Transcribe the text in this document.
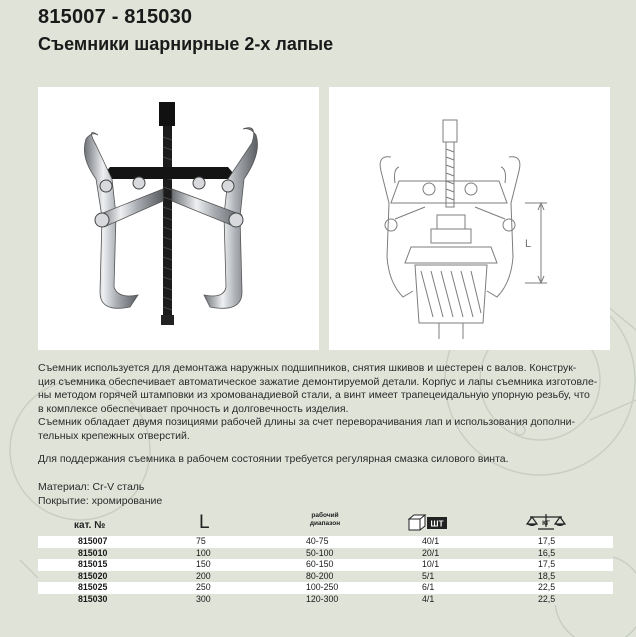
815007 - 815030
Съемники шарнирные 2-х лапые
L

Съемник используется для демонтажа наружных подшипников, снятия шкивов и шестерен с валов. Конструк-

ция съемника обеспечивает автоматическое зажатие демонтируемой детали. Корпус и лапы съемника изготовле-

ны методом горячей штамповки из хромованадиевой стали, а винт имеет трапецеидальную упорную резьбу, что

в комплексе обеспечивает прочность и долговечность изделия.

Съемник обладает двумя позициями рабочей длины за счет переворачивания лап и использования дополни-

тельных крепежных отверстий.

Для поддержания съемника в рабочем состоянии требуется регулярная смазка силового винта.

Материал: Cr-V сталь
Покрытие: хромирование
кат. №	L	рабочий
диапазон	ШТ	КГ
815007	75	40-75	40/1	17,5
815010	100	50-100	20/1	16,5
815015	150	60-150	10/1	17,5
815020	200	80-200	5/1	18,5
815025	250	100-250	6/1	22,5
815030	300	120-300	4/1	22,5
